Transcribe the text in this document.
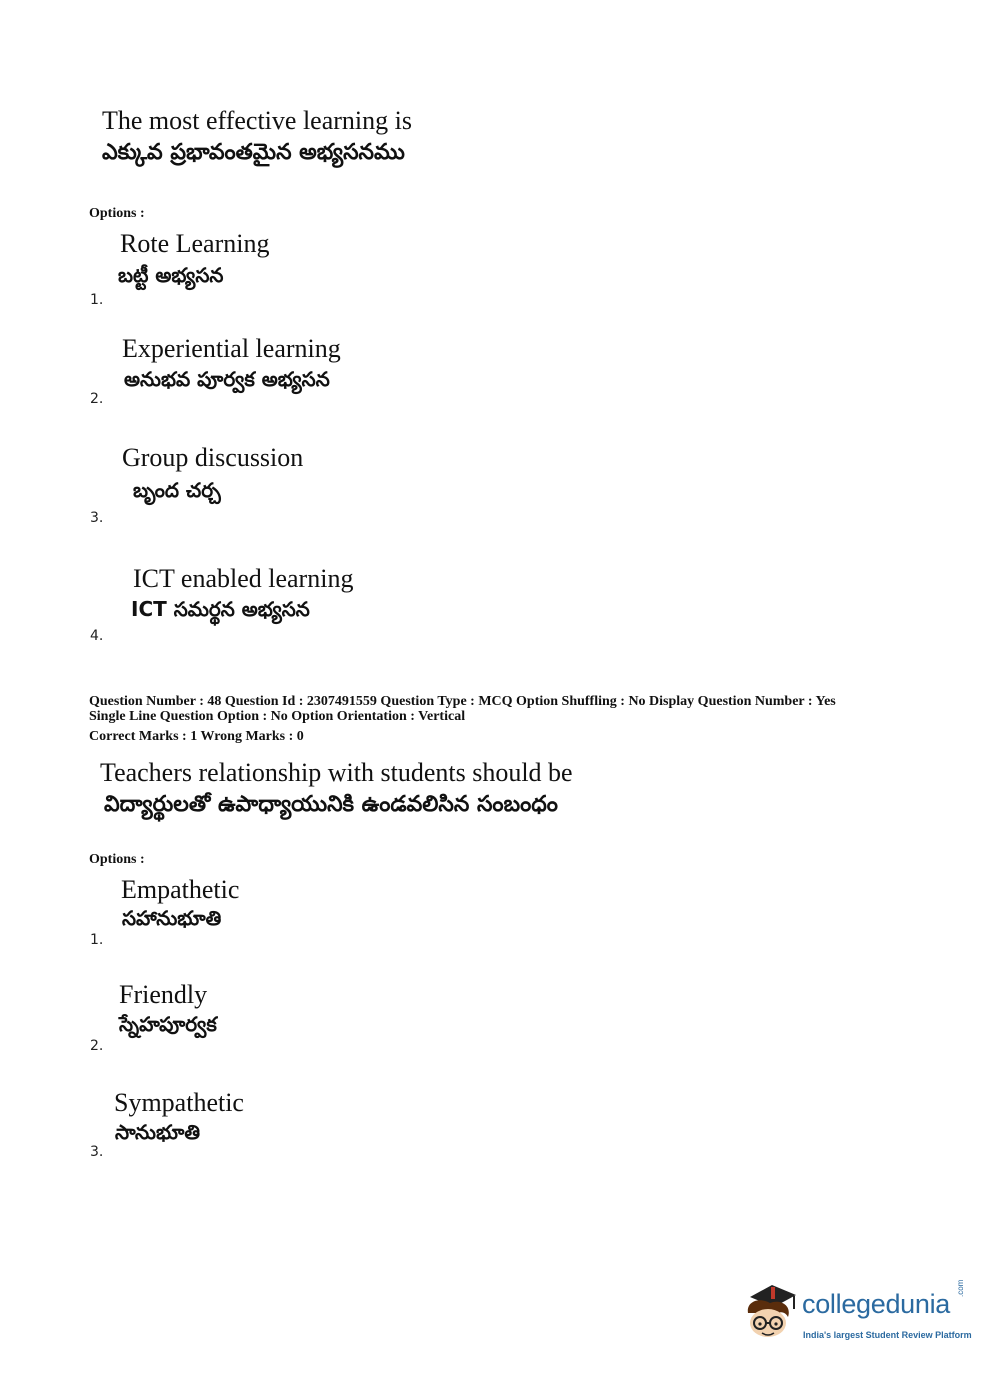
The most effective learning is
ఎక్కువ ప్రభావంతమైన అభ్యసనము
Options :
Rote Learning
బట్టీ అభ్యసన
1.
Experiential learning
అనుభవ పూర్వక అభ్యసన
2.
Group discussion
బృంద చర్చ
3.
ICT enabled learning
ICT సమర్థన అభ్యసన
4.
Question Number : 48 Question Id : 2307491559 Question Type : MCQ Option Shuffling : No Display Question Number : Yes
Single Line Question Option : No Option Orientation : Vertical
Correct Marks : 1 Wrong Marks : 0
Teachers relationship with students should be
విద్యార్థులతో ఉపాధ్యాయునికి ఉండవలిసిన సంబంధం
Options :
Empathetic
సహానుభూతి
1.
Friendly
స్నేహపూర్వక
2.
Sympathetic
సానుభూతి
3.
collegedunia
.com
India's largest Student Review Platform
